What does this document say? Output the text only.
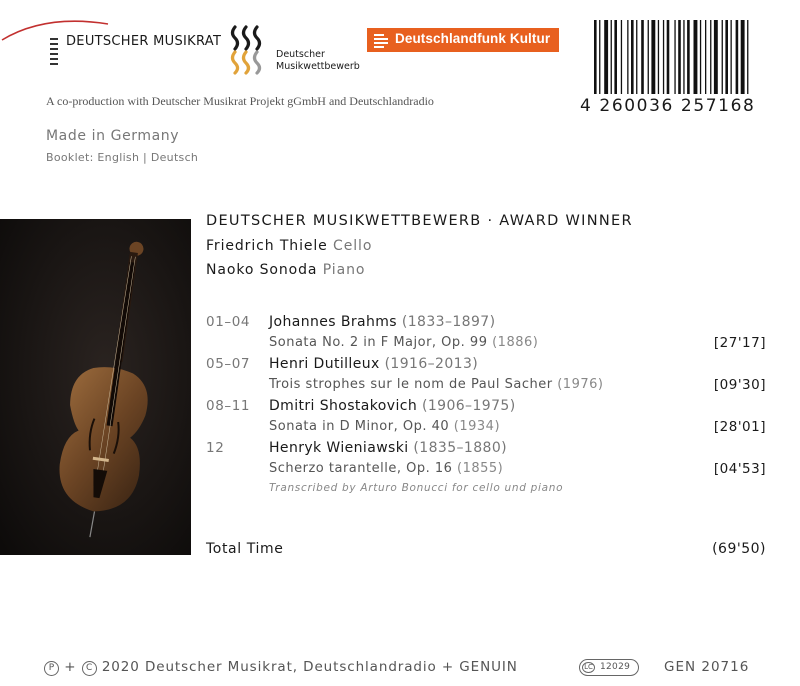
DEUTSCHER MUSIKRAT
Deutscher
Musikwettbewerb
Deutschlandfunk Kultur
4 260036 257168
A co-production with Deutscher Musikrat Projekt gGmbH and Deutschlandradio
Made in Germany
Booklet: English | Deutsch
DEUTSCHER MUSIKWETTBEWERB · AWARD WINNER
Friedrich Thiele Cello
Naoko Sonoda Piano
01–04 Johannes Brahms (1833–1897)
Sonata No. 2 in F Major, Op. 99 (1886)	[27'17]
05–07 Henri Dutilleux (1916–2013)
Trois strophes sur le nom de Paul Sacher (1976)	[09'30]
08–11 Dmitri Shostakovich (1906–1975)
Sonata in D Minor, Op. 40 (1934)	[28'01]
12	Henryk Wieniawski (1835–1880)
Scherzo tarantelle, Op. 16 (1855)	[04'53]
Transcribed by Arturo Bonucci for cello und piano
Total Time	(69'50)
P + C 2020 Deutscher Musikrat, Deutschlandradio + GENUIN	LC 12029	GEN 20716
